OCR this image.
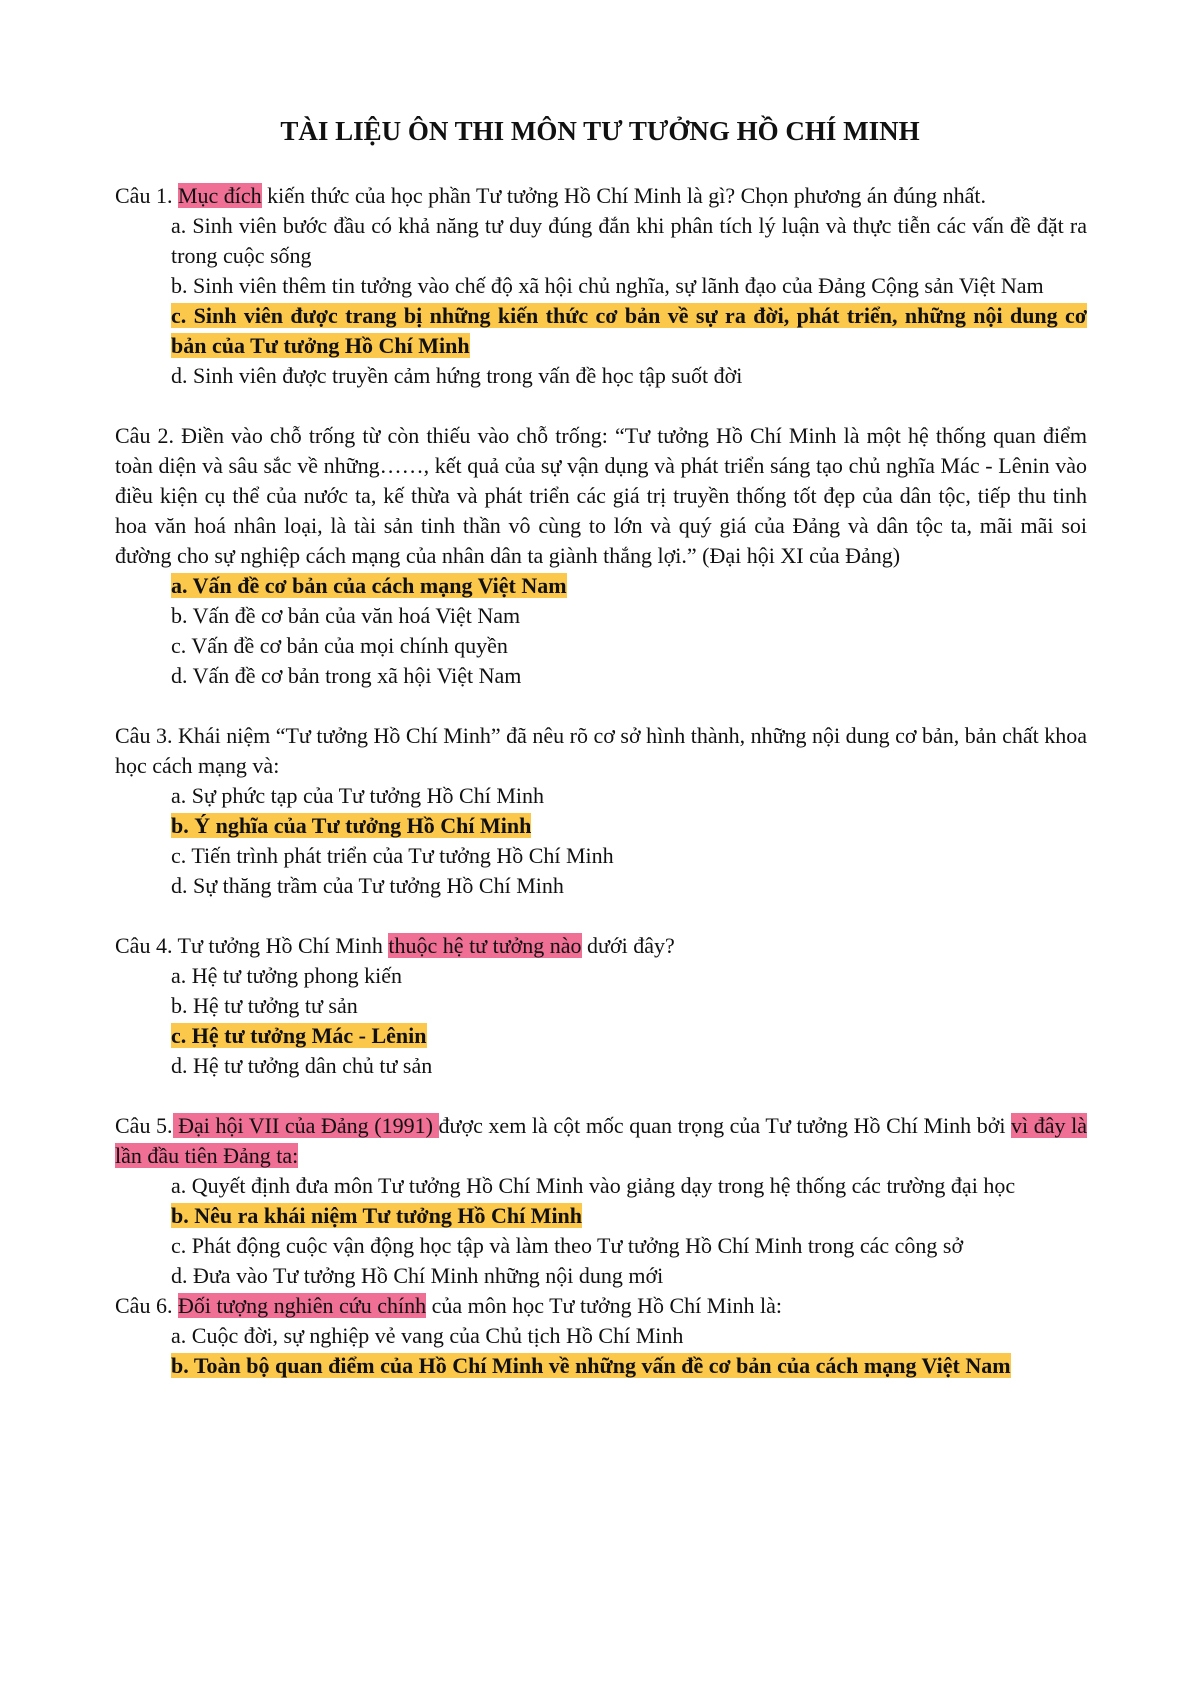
TÀI LIỆU ÔN THI MÔN TƯ TƯỞNG HỒ CHÍ MINH

Câu 1. Mục đích kiến thức của học phần Tư tưởng Hồ Chí Minh là gì? Chọn phương án đúng nhất.

a. Sinh viên bước đầu có khả năng tư duy đúng đắn khi phân tích lý luận và thực tiễn các vấn đề đặt ra trong cuộc sống

b. Sinh viên thêm tin tưởng vào chế độ xã hội chủ nghĩa, sự lãnh đạo của Đảng Cộng sản Việt Nam

c. Sinh viên được trang bị những kiến thức cơ bản về sự ra đời, phát triển, những nội dung cơ bản của Tư tưởng Hồ Chí Minh

d. Sinh viên được truyền cảm hứng trong vấn đề học tập suốt đời

Câu 2. Điền vào chỗ trống từ còn thiếu vào chỗ trống: “Tư tưởng Hồ Chí Minh là một hệ thống quan điểm toàn diện và sâu sắc về những……, kết quả của sự vận dụng và phát triển sáng tạo chủ nghĩa Mác - Lênin vào điều kiện cụ thể của nước ta, kế thừa và phát triển các giá trị truyền thống tốt đẹp của dân tộc, tiếp thu tinh hoa văn hoá nhân loại, là tài sản tinh thần vô cùng to lớn và quý giá của Đảng và dân tộc ta, mãi mãi soi đường cho sự nghiệp cách mạng của nhân dân ta giành thắng lợi.” (Đại hội XI của Đảng)

a. Vấn đề cơ bản của cách mạng Việt Nam

b. Vấn đề cơ bản của văn hoá Việt Nam

c. Vấn đề cơ bản của mọi chính quyền

d. Vấn đề cơ bản trong xã hội Việt Nam

Câu 3. Khái niệm “Tư tưởng Hồ Chí Minh” đã nêu rõ cơ sở hình thành, những nội dung cơ bản, bản chất khoa học cách mạng và:

a. Sự phức tạp của Tư tưởng Hồ Chí Minh

b. Ý nghĩa của Tư tưởng Hồ Chí Minh

c. Tiến trình phát triển của Tư tưởng Hồ Chí Minh

d. Sự thăng trầm của Tư tưởng Hồ Chí Minh

Câu 4. Tư tưởng Hồ Chí Minh thuộc hệ tư tưởng nào dưới đây?

a. Hệ tư tưởng phong kiến

b. Hệ tư tưởng tư sản

c. Hệ tư tưởng Mác - Lênin

d. Hệ tư tưởng dân chủ tư sản

Câu 5. Đại hội VII của Đảng (1991) được xem là cột mốc quan trọng của Tư tưởng Hồ Chí Minh bởi vì đây là lần đầu tiên Đảng ta:

a. Quyết định đưa môn Tư tưởng Hồ Chí Minh vào giảng dạy trong hệ thống các trường đại học

b. Nêu ra khái niệm Tư tưởng Hồ Chí Minh

c. Phát động cuộc vận động học tập và làm theo Tư tưởng Hồ Chí Minh trong các công sở

d. Đưa vào Tư tưởng Hồ Chí Minh những nội dung mới

Câu 6. Đối tượng nghiên cứu chính của môn học Tư tưởng Hồ Chí Minh là:

a. Cuộc đời, sự nghiệp vẻ vang của Chủ tịch Hồ Chí Minh

b. Toàn bộ quan điểm của Hồ Chí Minh về những vấn đề cơ bản của cách mạng Việt Nam
